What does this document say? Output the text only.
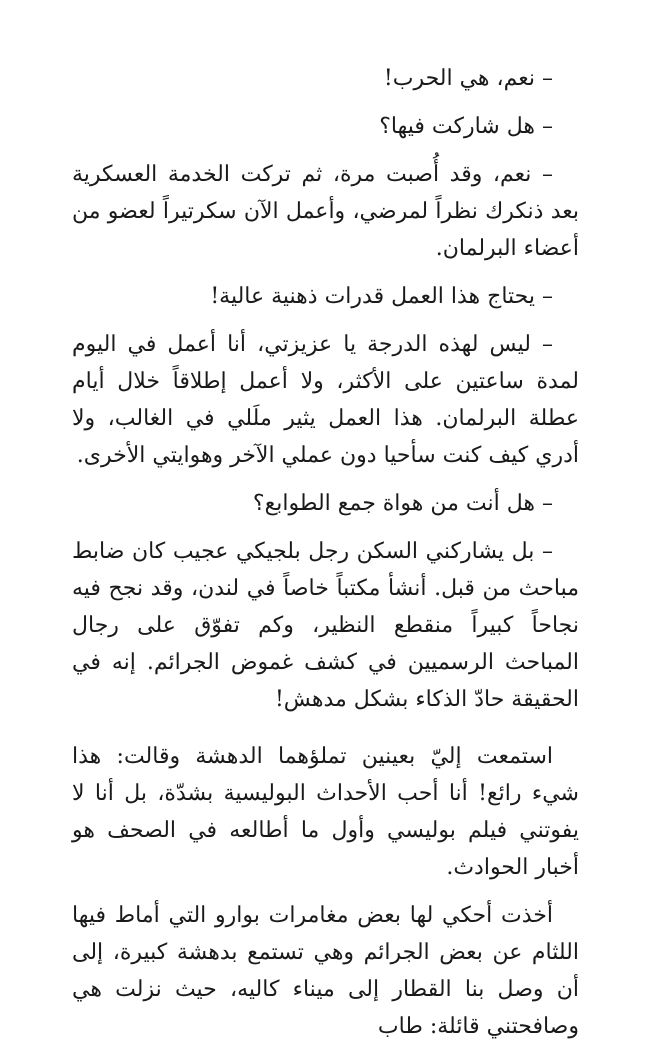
– نعم، هي الحرب!

– هل شاركت فيها؟

– نعم، وقد أُصبت مرة، ثم تركت الخدمة العسكرية بعد ذنكرك نظراً لمرضي، وأعمل الآن سكرتيراً لعضو من أعضاء البرلمان.

– يحتاج هذا العمل قدرات ذهنية عالية!

– ليس لهذه الدرجة يا عزيزتي، أنا أعمل في اليوم لمدة ساعتين على الأكثر، ولا أعمل إطلاقاً خلال أيام عطلة البرلمان. هذا العمل يثير ملَلي في الغالب، ولا أدري كيف كنت سأحيا دون عملي الآخر وهوايتي الأخرى.

– هل أنت من هواة جمع الطوابع؟

– بل يشاركني السكن رجل بلجيكي عجيب كان ضابط مباحث من قبل. أنشأ مكتباً خاصاً في لندن، وقد نجح فيه نجاحاً كبيراً منقطع النظير، وكم تفوّق على رجال المباحث الرسميين في كشف غموض الجرائم. إنه في الحقيقة حادّ الذكاء بشكل مدهش!

استمعت إليّ بعينين تملؤهما الدهشة وقالت: هذا شيء رائع! أنا أحب الأحداث البوليسية بشدّة، بل أنا لا يفوتني فيلم بوليسي وأول ما أطالعه في الصحف هو أخبار الحوادث.

أخذت أحكي لها بعض مغامرات بوارو التي أماط فيها اللثام عن بعض الجرائم وهي تستمع بدهشة كبيرة، إلى أن وصل بنا القطار إلى ميناء كاليه، حيث نزلت هي وصافحتني قائلة: طاب
